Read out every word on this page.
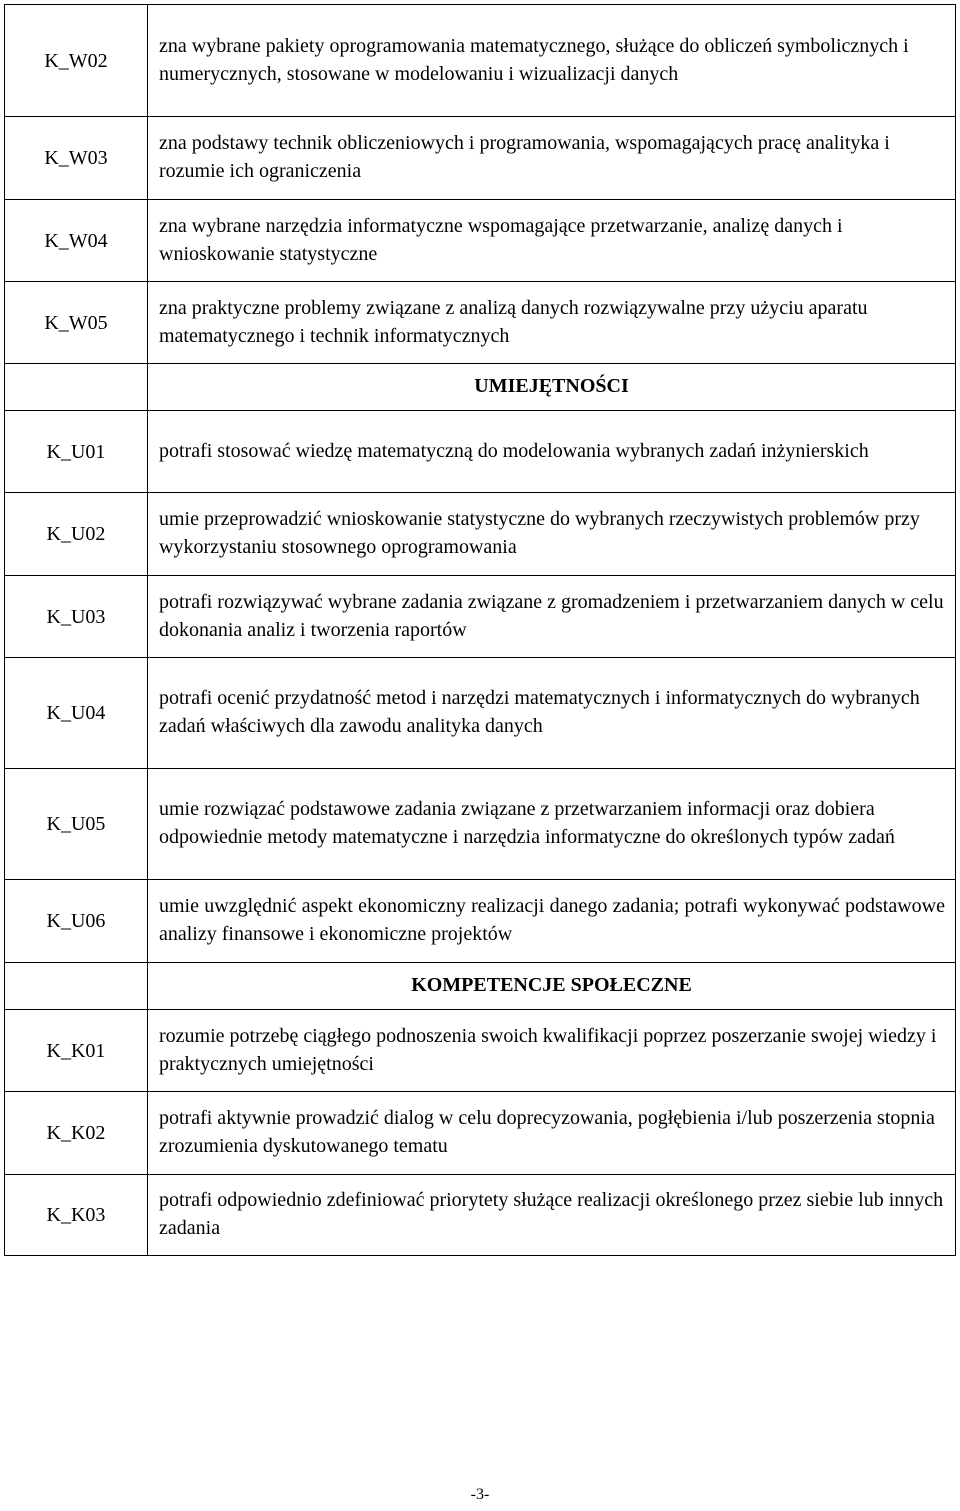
K_W02	zna wybrane pakiety oprogramowania matematycznego, służące do obliczeń symbolicznych i numerycznych, stosowane w modelowaniu i wizualizacji danych
K_W03	zna podstawy technik obliczeniowych i programowania, wspomagających pracę analityka i rozumie ich ograniczenia
K_W04	zna wybrane narzędzia informatyczne wspomagające przetwarzanie, analizę danych i wnioskowanie statystyczne
K_W05	zna praktyczne problemy związane z analizą danych rozwiązywalne przy użyciu aparatu matematycznego i technik informatycznych
	UMIEJĘTNOŚCI
K_U01	potrafi stosować wiedzę matematyczną do modelowania wybranych zadań inżynierskich
K_U02	umie przeprowadzić wnioskowanie statystyczne do wybranych rzeczywistych problemów przy wykorzystaniu stosownego oprogramowania
K_U03	potrafi rozwiązywać wybrane zadania związane z gromadzeniem i przetwarzaniem danych w celu dokonania analiz i tworzenia raportów
K_U04	potrafi ocenić przydatność metod i narzędzi matematycznych i informatycznych do wybranych zadań właściwych dla zawodu analityka danych
K_U05	umie rozwiązać podstawowe zadania związane z przetwarzaniem informacji oraz dobiera odpowiednie metody matematyczne i narzędzia informatyczne do określonych typów zadań
K_U06	umie uwzględnić aspekt ekonomiczny realizacji danego zadania; potrafi wykonywać podstawowe analizy finansowe i ekonomiczne projektów
	KOMPETENCJE SPOŁECZNE
K_K01	rozumie potrzebę ciągłego podnoszenia swoich kwalifikacji poprzez poszerzanie swojej wiedzy i praktycznych umiejętności
K_K02	potrafi aktywnie prowadzić dialog w celu doprecyzowania, pogłębienia i/lub poszerzenia stopnia zrozumienia dyskutowanego tematu
K_K03	potrafi odpowiednio zdefiniować priorytety służące realizacji określonego przez siebie lub innych zadania
-3-
